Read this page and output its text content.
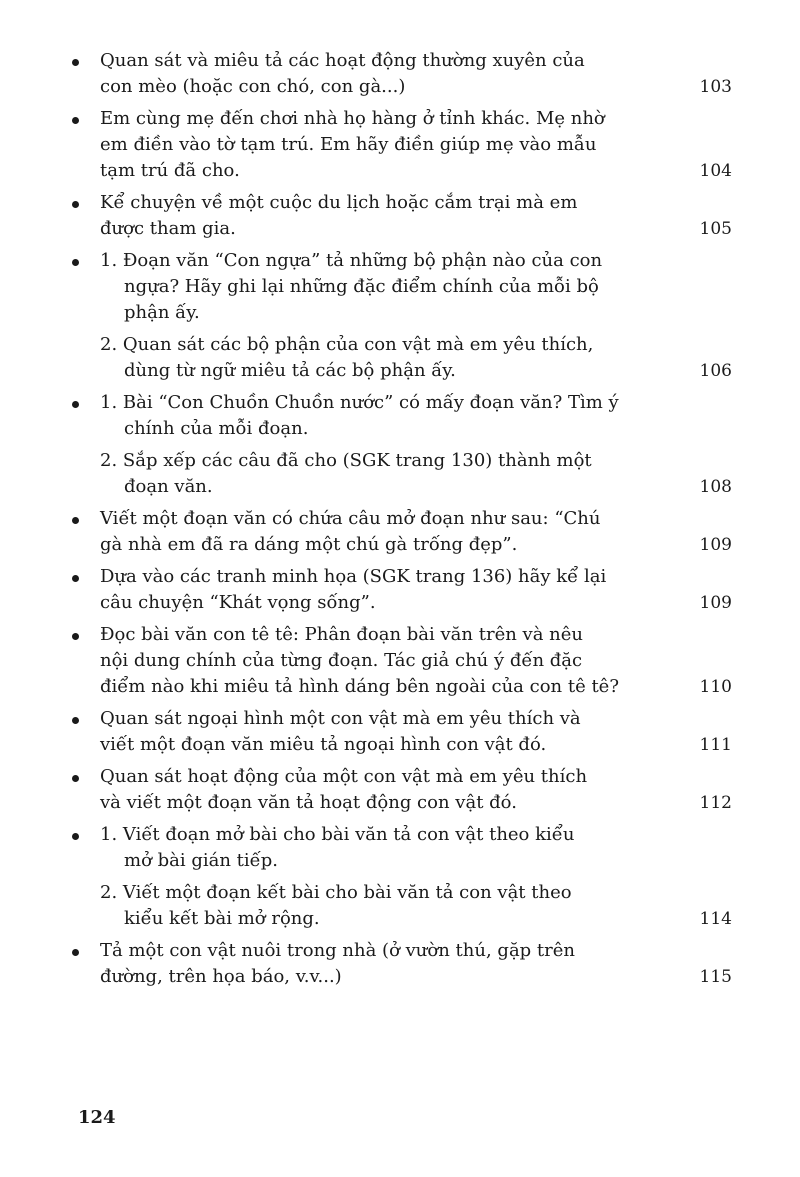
Quan sát và miêu tả các hoạt động thường xuyên của
con mèo (hoặc con chó, con gà...)	103
Em cùng mẹ đến chơi nhà họ hàng ở tỉnh khác. Mẹ nhờ
em điền vào tờ tạm trú. Em hãy điền giúp mẹ vào mẫu
tạm trú đã cho.	104
Kể chuyện về một cuộc du lịch hoặc cắm trại mà em
được tham gia.	105
1. Đoạn văn “Con ngựa” tả những bộ phận nào của con
ngựa? Hãy ghi lại những đặc điểm chính của mỗi bộ
phận ấy.
2. Quan sát các bộ phận của con vật mà em yêu thích,
dùng từ ngữ miêu tả các bộ phận ấy.	106
1. Bài “Con Chuồn Chuồn nước” có mấy đoạn văn? Tìm ý
chính của mỗi đoạn.
2. Sắp xếp các câu đã cho (SGK trang 130) thành một
đoạn văn.	108
Viết một đoạn văn có chứa câu mở đoạn như sau: “Chú
gà nhà em đã ra dáng một chú gà trống đẹp”.	109
Dựa vào các tranh minh họa (SGK trang 136) hãy kể lại
câu chuyện “Khát vọng sống”.	109
Đọc bài văn con tê tê: Phân đoạn bài văn trên và nêu
nội dung chính của từng đoạn. Tác giả chú ý đến đặc
điểm nào khi miêu tả hình dáng bên ngoài của con tê tê?	110
Quan sát ngoại hình một con vật mà em yêu thích và
viết một đoạn văn miêu tả ngoại hình con vật đó.	111
Quan sát hoạt động của một con vật mà em yêu thích
và viết một đoạn văn tả hoạt động con vật đó.	112
1. Viết đoạn mở bài cho bài văn tả con vật theo kiểu
mở bài gián tiếp.
2. Viết một đoạn kết bài cho bài văn tả con vật theo
kiểu kết bài mở rộng.	114
Tả một con vật nuôi trong nhà (ở vườn thú, gặp trên
đường, trên họa báo, v.v...)	115
124
